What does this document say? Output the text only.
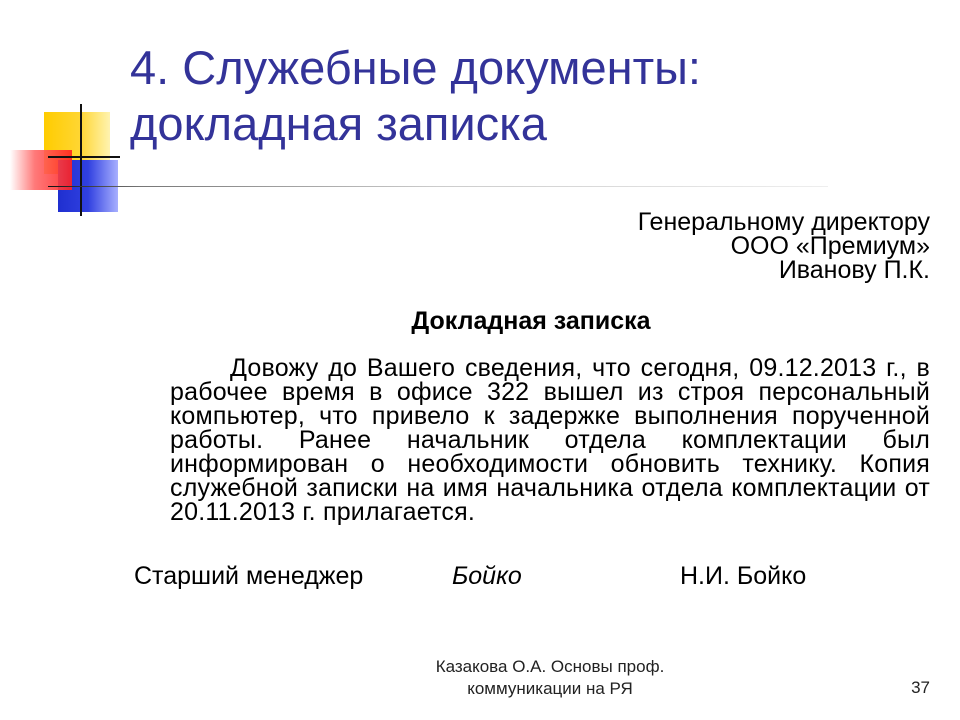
4. Служебные документы:
докладная записка
Генеральному директору
ООО «Премиум»
Иванову П.К.
Докладная записка
Довожу до Вашего сведения, что сегодня, 09.12.2013 г., в рабочее время в офисе 322 вышел из строя персональный компьютер, что привело к задержке выполнения порученной работы. Ранее начальник отдела комплектации был информирован о необходимости обновить технику. Копия служебной записки на имя начальника отдела комплектации от 20.11.2013 г. прилагается.
Старший менеджер	Бойко	Н.И. Бойко
Казакова О.А. Основы проф.
коммуникации на РЯ	37
